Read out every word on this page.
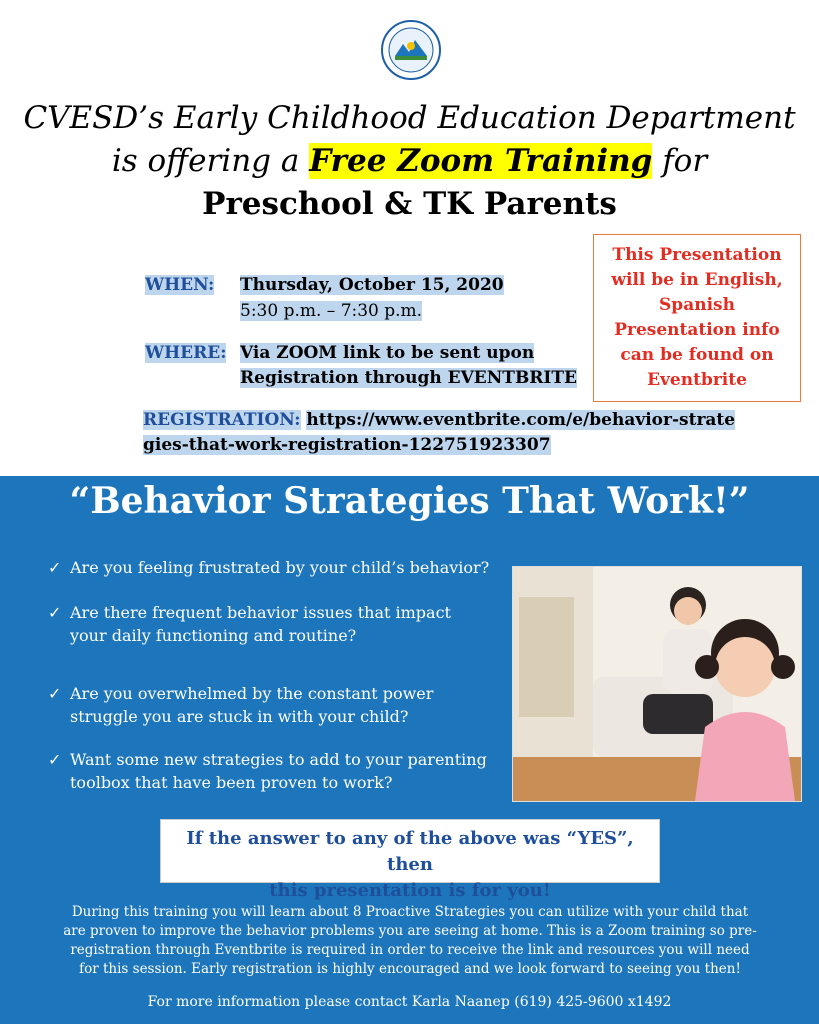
CVESD’s Early Childhood Education Department
is offering a Free Zoom Training for
Preschool & TK Parents
WHEN: Thursday, October 15, 2020
5:30 p.m. – 7:30 p.m.
WHERE: Via ZOOM link to be sent upon
Registration through EVENTBRITE
This Presentation
will be in English,
Spanish
Presentation info
can be found on
Eventbrite
REGISTRATION: https://www.eventbrite.com/e/behavior-strategies-that-work-registration-122751923307
“Behavior Strategies That Work!”
✓ Are you feeling frustrated by your child’s behavior?
✓ Are there frequent behavior issues that impact your daily functioning and routine?
✓ Are you overwhelmed by the constant power struggle you are stuck in with your child?
✓ Want some new strategies to add to your parenting toolbox that have been proven to work?
If the answer to any of the above was “YES”, then
this presentation is for you!
During this training you will learn about 8 Proactive Strategies you can utilize with your child that are proven to improve the behavior problems you are seeing at home. This is a Zoom training so pre-registration through Eventbrite is required in order to receive the link and resources you will need for this session. Early registration is highly encouraged and we look forward to seeing you then!
For more information please contact Karla Naanep (619) 425-9600 x1492
